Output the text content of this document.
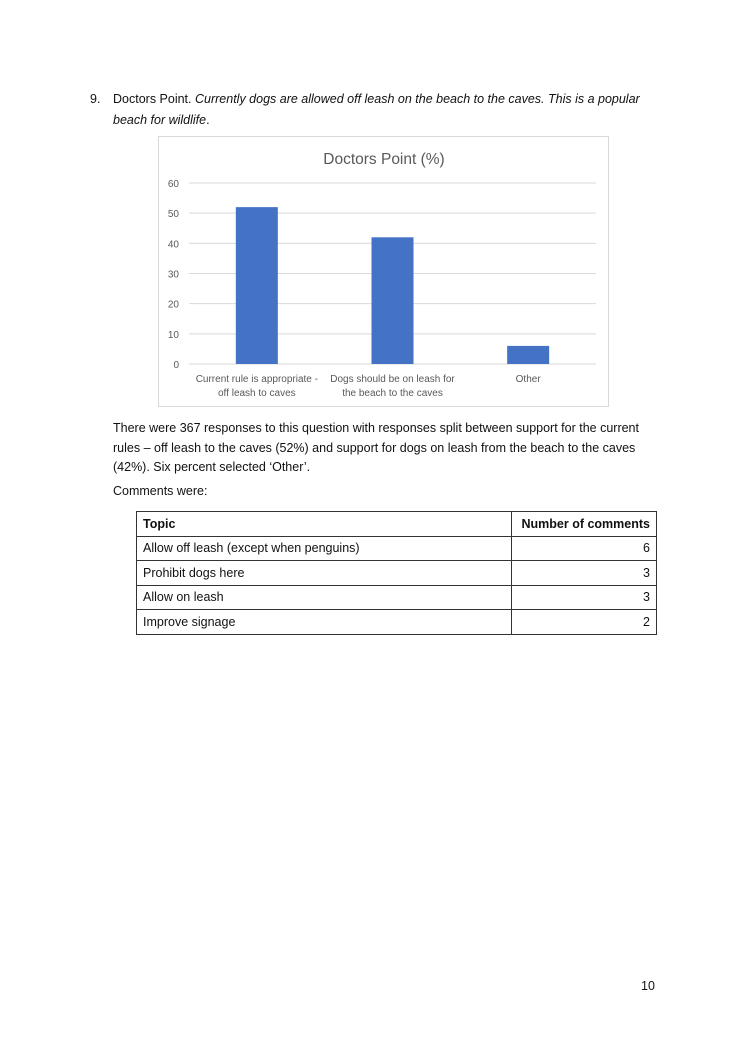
9. Doctors Point. Currently dogs are allowed off leash on the beach to the caves. This is a popular beach for wildlife.
Doctors Point (%)
0
10
20
30
40
50
60
Current rule is appropriate -
off leash to caves
Dogs should be on leash for
the beach to the caves
Other
There were 367 responses to this question with responses split between support for the current rules – off leash to the caves (52%) and support for dogs on leash from the beach to the caves (42%). Six percent selected ‘Other’.
Comments were:
Topic	Number of comments
Allow off leash (except when penguins)	6
Prohibit dogs here	3
Allow on leash	3
Improve signage	2
10
